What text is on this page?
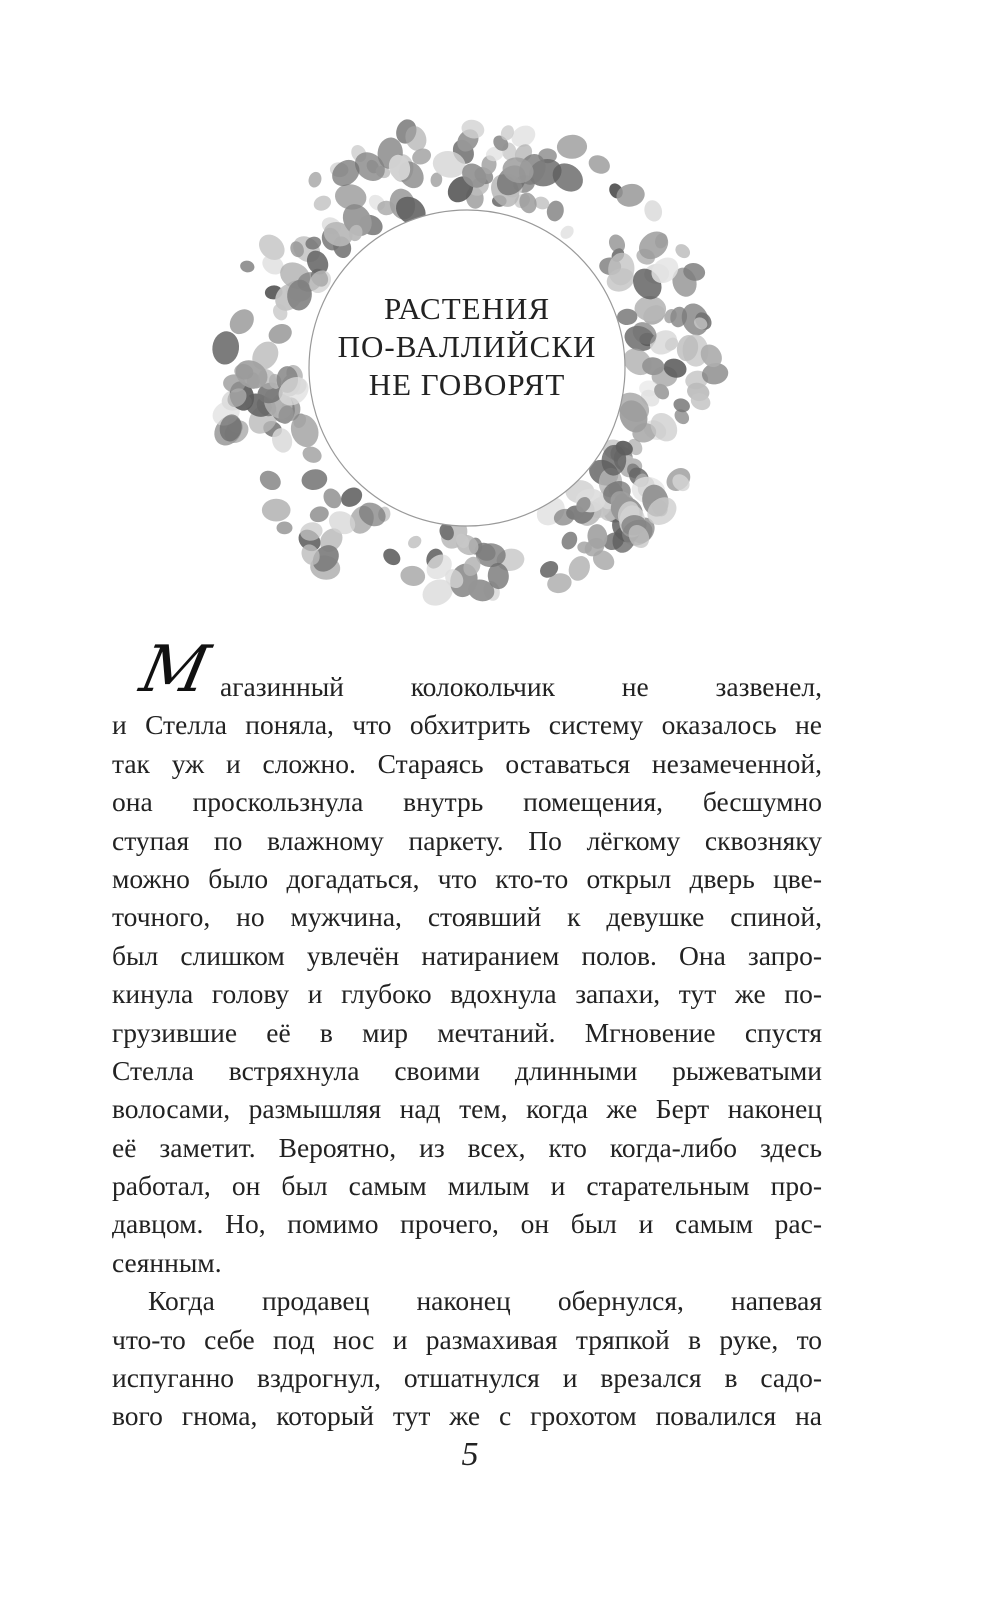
РАСТЕНИЯ
ПО-ВАЛЛИЙСКИ
НЕ ГОВОРЯТ
М агазинный колокольчик не зазвенел,
и Стелла поняла, что обхитрить систему оказалось не
так уж и сложно. Стараясь оставаться незамеченной,
она проскользнула внутрь помещения, бесшумно
ступая по влажному паркету. По лёгкому сквозняку
можно было догадаться, что кто-то открыл дверь цве-
точного, но мужчина, стоявший к девушке спиной,
был слишком увлечён натиранием полов. Она запро-
кинула голову и глубоко вдохнула запахи, тут же по-
грузившие её в мир мечтаний. Мгновение спустя
Стелла встряхнула своими длинными рыжеватыми
волосами, размышляя над тем, когда же Берт наконец
её заметит. Вероятно, из всех, кто когда-либо здесь
работал, он был самым милым и старательным про-
давцом. Но, помимо прочего, он был и самым рас-
сеянным.
Когда продавец наконец обернулся, напевая
что-то себе под нос и размахивая тряпкой в руке, то
испуганно вздрогнул, отшатнулся и врезался в садо-
вого гнома, который тут же с грохотом повалился на
5
